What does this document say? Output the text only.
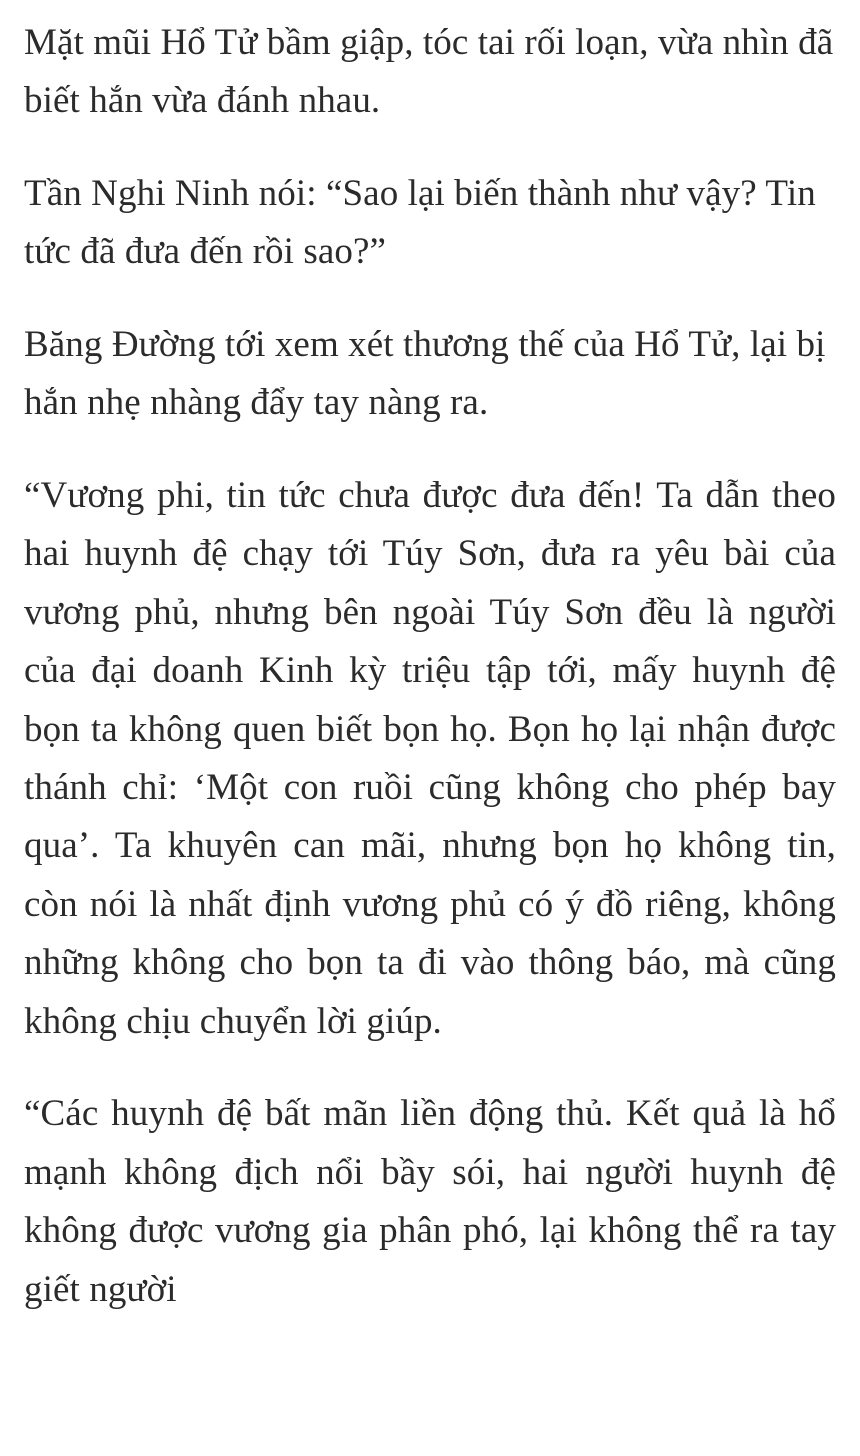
Mặt mũi Hổ Tử bầm giập, tóc tai rối loạn, vừa nhìn đã biết hắn vừa đánh nhau.

Tần Nghi Ninh nói: “Sao lại biến thành như vậy? Tin tức đã đưa đến rồi sao?”

Băng Đường tới xem xét thương thế của Hổ Tử, lại bị hắn nhẹ nhàng đẩy tay nàng ra.

“Vương phi, tin tức chưa được đưa đến! Ta dẫn theo hai huynh đệ chạy tới Túy Sơn, đưa ra yêu bài của vương phủ, nhưng bên ngoài Túy Sơn đều là người của đại doanh Kinh kỳ triệu tập tới, mấy huynh đệ bọn ta không quen biết bọn họ. Bọn họ lại nhận được thánh chỉ: ‘Một con ruồi cũng không cho phép bay qua’. Ta khuyên can mãi, nhưng bọn họ không tin, còn nói là nhất định vương phủ có ý đồ riêng, không những không cho bọn ta đi vào thông báo, mà cũng không chịu chuyển lời giúp.

“Các huynh đệ bất mãn liền động thủ. Kết quả là hổ mạnh không địch nổi bầy sói, hai người huynh đệ không được vương gia phân phó, lại không thể ra tay giết người
